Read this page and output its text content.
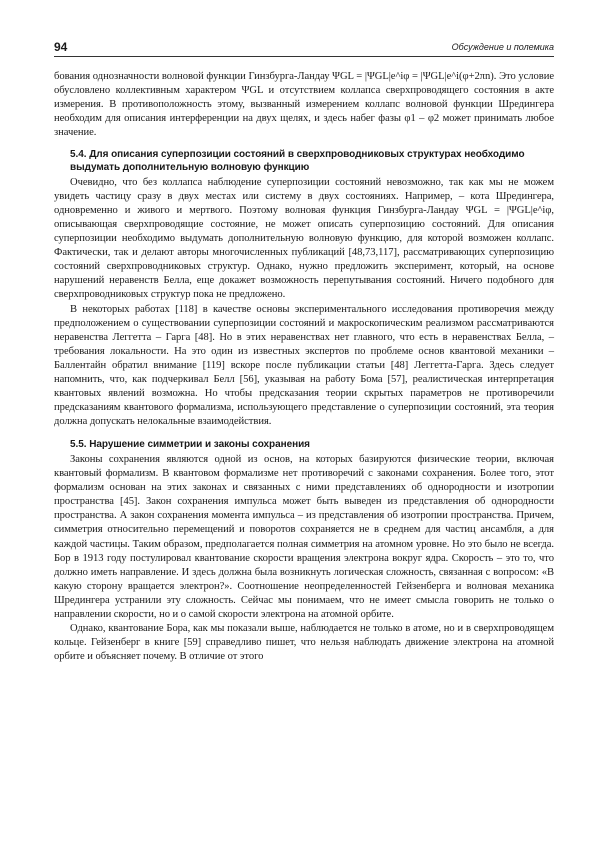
94	Обсуждение и полемика

бования однозначности волновой функции Гинзбурга-Ландау ΨGL = |ΨGL|e^iφ = |ΨGL|e^i(φ+2πn). Это условие обусловлено коллективным характером ΨGL и отсутствием коллапса сверхпроводящего состояния в акте измерения. В противоположность этому, вызванный измерением коллапс волновой функции Шредингера необходим для описания интерференции на двух щелях, и здесь набег фазы φ1 – φ2 может принимать любое значение.

5.4. Для описания суперпозиции состояний в сверхпроводниковых структурах необходимо выдумать дополнительную волновую функцию

Очевидно, что без коллапса наблюдение суперпозиции состояний невозможно, так как мы не можем увидеть частицу сразу в двух местах или систему в двух состояниях. Например, – кота Шредингера, одновременно и живого и мертвого. Поэтому волновая функция Гинзбурга-Ландау ΨGL = |ΨGL|e^iφ, описывающая сверхпроводящие состояние, не может описать суперпозицию состояний. Для описания суперпозиции необходимо выдумать дополнительную волновую функцию, для которой возможен коллапс. Фактически, так и делают авторы многочисленных публикаций [48,73,117], рассматривающих суперпозицию состояний сверхпроводниковых структур. Однако, нужно предложить эксперимент, который, на основе нарушений неравенств Белла, еще докажет возможность перепутывания состояний. Ничего подобного для сверхпроводниковых структур пока не предложено.

В некоторых работах [118] в качестве основы экспериментального исследования противоречия между предположением о существовании суперпозиции состояний и макроскопическим реализмом рассматриваются неравенства Леггетта – Гарга [48]. Но в этих неравенствах нет главного, что есть в неравенствах Белла, – требования локальности. На это один из известных экспертов по проблеме основ квантовой механики – Баллентайн обратил внимание [119] вскоре после публикации статьи [48] Леггетта-Гарга. Здесь следует напомнить, что, как подчеркивал Белл [56], указывая на работу Бома [57], реалистическая интерпретация квантовых явлений возможна. Но чтобы предсказания теории скрытых параметров не противоречили предсказаниям квантового формализма, использующего представление о суперпозиции состояний, эта теория должна допускать нелокальные взаимодействия.

5.5. Нарушение симметрии и законы сохранения

Законы сохранения являются одной из основ, на которых базируются физические теории, включая квантовый формализм. В квантовом формализме нет противоречий с законами сохранения. Более того, этот формализм основан на этих законах и связанных с ними представлениях об однородности и изотропии пространства [45]. Закон сохранения импульса может быть выведен из представления об однородности пространства. А закон сохранения момента импульса – из представления об изотропии пространства. Причем, симметрия относительно перемещений и поворотов сохраняется не в среднем для частиц ансамбля, а для каждой частицы. Таким образом, предполагается полная симметрия на атомном уровне. Но это было не всегда. Бор в 1913 году постулировал квантование скорости вращения электрона вокруг ядра. Скорость – это то, что должно иметь направление. И здесь должна была возникнуть логическая сложность, связанная с вопросом: «В какую сторону вращается электрон?». Соотношение неопределенностей Гейзенберга и волновая механика Шредингера устранили эту сложность. Сейчас мы понимаем, что не имеет смысла говорить не только о направлении скорости, но и о самой скорости электрона на атомной орбите.

Однако, квантование Бора, как мы показали выше, наблюдается не только в атоме, но и в сверхпроводящем кольце. Гейзенберг в книге [59] справедливо пишет, что нельзя наблюдать движение электрона на атомной орбите и объясняет почему. В отличие от этого
